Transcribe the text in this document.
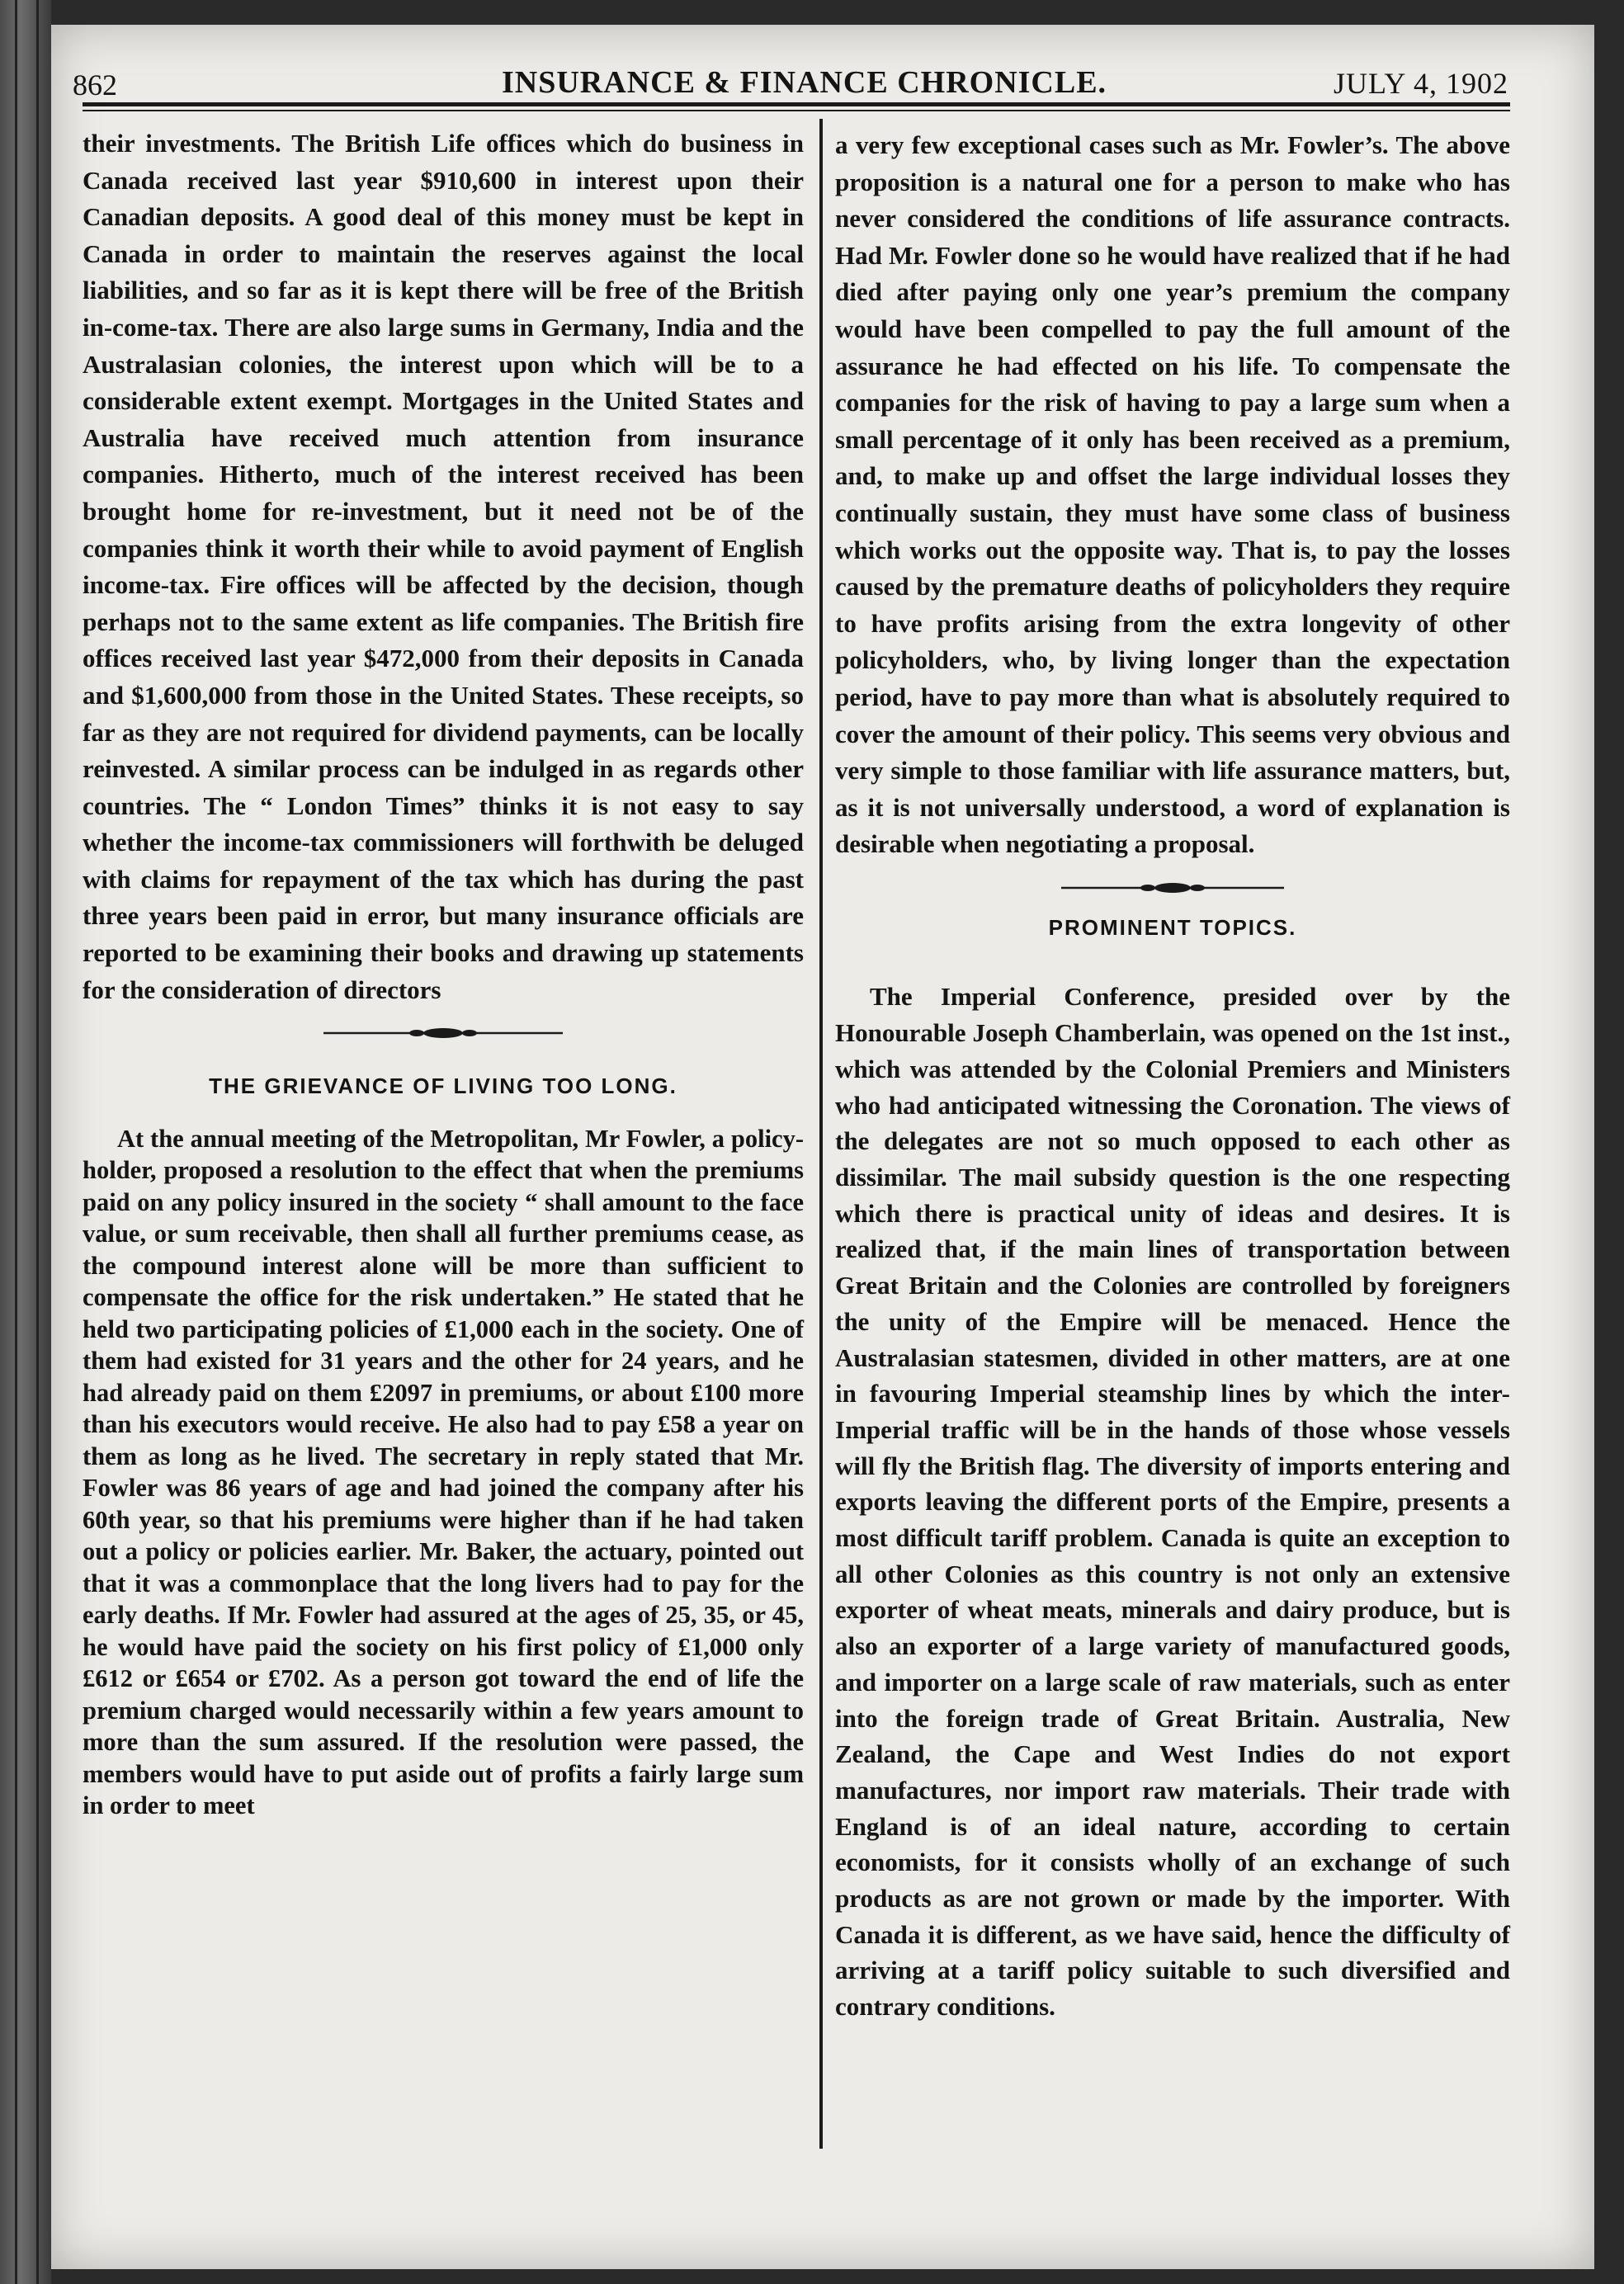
862	INSURANCE & FINANCE CHRONICLE.	JULY 4, 1902

their investments. The British Life offices which do business in Canada received last year $910,600 in interest upon their Canadian deposits. A good deal of this money must be kept in Canada in order to maintain the reserves against the local liabilities, and so far as it is kept there will be free of the British in-come-tax. There are also large sums in Germany, India and the Australasian colonies, the interest upon which will be to a considerable extent exempt. Mortgages in the United States and Australia have received much attention from insurance companies. Hitherto, much of the interest received has been brought home for re-investment, but it need not be of the companies think it worth their while to avoid payment of English income-tax. Fire offices will be affected by the decision, though perhaps not to the same extent as life companies. The British fire offices received last year $472,000 from their deposits in Canada and $1,600,000 from those in the United States. These receipts, so far as they are not required for dividend payments, can be locally reinvested. A similar process can be indulged in as regards other countries. The “ London Times” thinks it is not easy to say whether the income-tax commissioners will forthwith be deluged with claims for repayment of the tax which has during the past three years been paid in error, but many insurance officials are reported to be examining their books and drawing up statements for the consideration of directors

THE GRIEVANCE OF LIVING TOO LONG.

At the annual meeting of the Metropolitan, Mr Fowler, a policy-holder, proposed a resolution to the effect that when the premiums paid on any policy insured in the society “ shall amount to the face value, or sum receivable, then shall all further premiums cease, as the compound interest alone will be more than sufficient to compensate the office for the risk undertaken.” He stated that he held two participating policies of £1,000 each in the society. One of them had existed for 31 years and the other for 24 years, and he had already paid on them £2097 in premiums, or about £100 more than his executors would receive. He also had to pay £58 a year on them as long as he lived. The secretary in reply stated that Mr. Fowler was 86 years of age and had joined the company after his 60th year, so that his premiums were higher than if he had taken out a policy or policies earlier. Mr. Baker, the actuary, pointed out that it was a commonplace that the long livers had to pay for the early deaths. If Mr. Fowler had assured at the ages of 25, 35, or 45, he would have paid the society on his first policy of £1,000 only £612 or £654 or £702. As a person got toward the end of life the premium charged would necessarily within a few years amount to more than the sum assured. If the resolution were passed, the members would have to put aside out of profits a fairly large sum in order to meet

a very few exceptional cases such as Mr. Fowler’s. The above proposition is a natural one for a person to make who has never considered the conditions of life assurance contracts. Had Mr. Fowler done so he would have realized that if he had died after paying only one year’s premium the company would have been compelled to pay the full amount of the assurance he had effected on his life. To compensate the companies for the risk of having to pay a large sum when a small percentage of it only has been received as a premium, and, to make up and offset the large individual losses they continually sustain, they must have some class of business which works out the opposite way. That is, to pay the losses caused by the premature deaths of policyholders they require to have profits arising from the extra longevity of other policyholders, who, by living longer than the expectation period, have to pay more than what is absolutely required to cover the amount of their policy. This seems very obvious and very simple to those familiar with life assurance matters, but, as it is not universally understood, a word of explanation is desirable when negotiating a proposal.

PROMINENT TOPICS.

The Imperial Conference, presided over by the Honourable Joseph Chamberlain, was opened on the 1st inst., which was attended by the Colonial Premiers and Ministers who had anticipated witnessing the Coronation. The views of the delegates are not so much opposed to each other as dissimilar. The mail subsidy question is the one respecting which there is practical unity of ideas and desires. It is realized that, if the main lines of transportation between Great Britain and the Colonies are controlled by foreigners the unity of the Empire will be menaced. Hence the Australasian statesmen, divided in other matters, are at one in favouring Imperial steamship lines by which the inter-Imperial traffic will be in the hands of those whose vessels will fly the British flag. The diversity of imports entering and exports leaving the different ports of the Empire, presents a most difficult tariff problem. Canada is quite an exception to all other Colonies as this country is not only an extensive exporter of wheat meats, minerals and dairy produce, but is also an exporter of a large variety of manufactured goods, and importer on a large scale of raw materials, such as enter into the foreign trade of Great Britain. Australia, New Zealand, the Cape and West Indies do not export manufactures, nor import raw materials. Their trade with England is of an ideal nature, according to certain economists, for it consists wholly of an exchange of such products as are not grown or made by the importer. With Canada it is different, as we have said, hence the difficulty of arriving at a tariff policy suitable to such diversified and contrary conditions.
